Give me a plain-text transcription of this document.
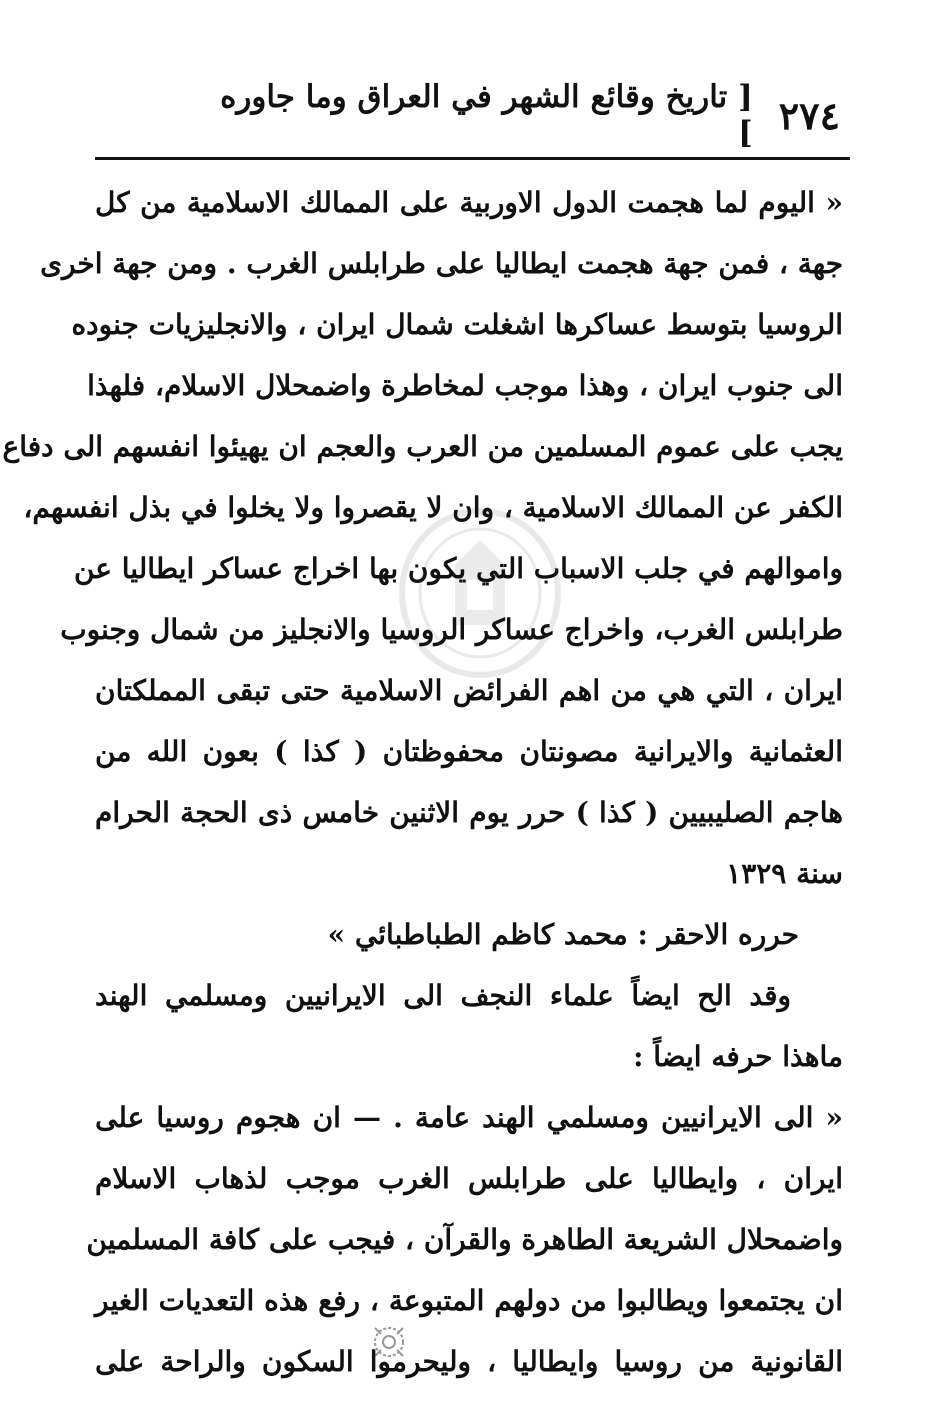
٢٧٤
[ تاريخ وقائع الشهر في العراق وما جاوره ]
« اليوم لما هجمت الدول الاوربية على الممالك الاسلامية من كل
جهة ، فمن جهة هجمت ايطاليا على طرابلس الغرب . ومن جهة اخرى
الروسيا بتوسط عساكرها اشغلت شمال ايران ، والانجليزيات جنوده
الى جنوب ايران ، وهذا موجب لمخاطرة واضمحلال الاسلام، فلهذا
يجب على عموم المسلمين من العرب والعجم ان يهيئوا انفسهم الى دفاع
الكفر عن الممالك الاسلامية ، وان لا يقصروا ولا يخلوا في بذل انفسهم،
واموالهم في جلب الاسباب التي يكون بها اخراج عساكر ايطاليا عن
طرابلس الغرب، واخراج عساكر الروسيا والانجليز من شمال وجنوب
ايران ، التي هي من اهم الفرائض الاسلامية حتى تبقى المملكتان
العثمانية والايرانية مصونتان محفوظتان ( كذا ) بعون الله من
هاجم الصليبيين ( كذا ) حرر يوم الاثنين خامس ذى الحجة الحرام
سنة ١٣٢٩
حرره الاحقر : محمد كاظم الطباطبائي »
وقد الح ايضاً علماء النجف الى الايرانيين ومسلمي الهند
ماهذا حرفه ايضاً :
« الى الايرانيين ومسلمي الهند عامة . — ان هجوم روسيا على
ايران ، وايطاليا على طرابلس الغرب موجب لذهاب الاسلام
واضمحلال الشريعة الطاهرة والقرآن ، فيجب على كافة المسلمين
ان يجتمعوا ويطالبوا من دولهم المتبوعة ، رفع هذه التعديات الغير
القانونية من روسيا وايطاليا ، وليحرموا السكون والراحة على
